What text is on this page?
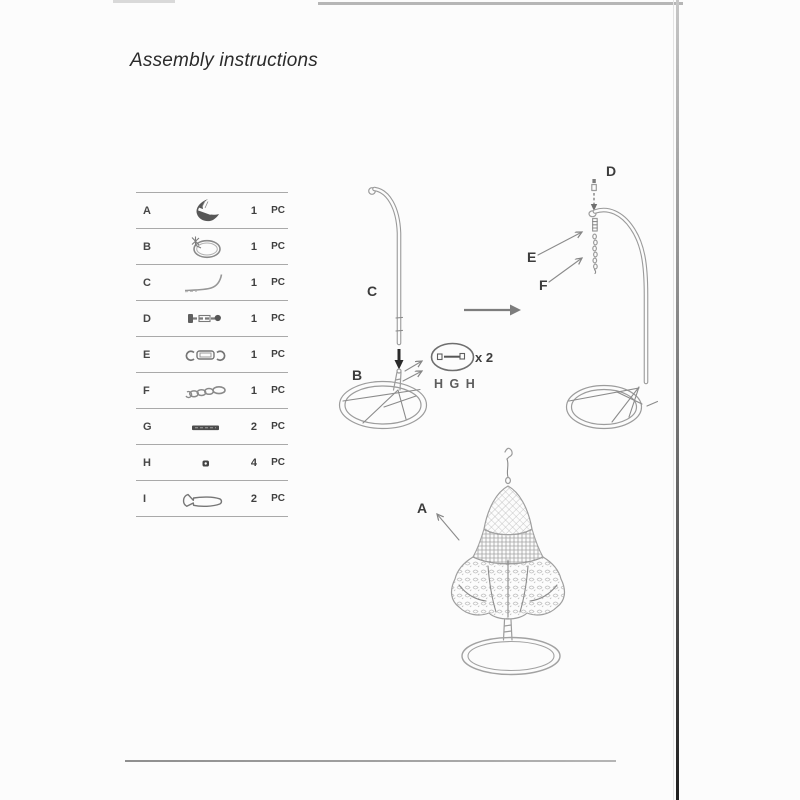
Assembly instructions
A	1	PC
B	1	PC
C	1	PC
D	1	PC
E	1	PC
F	1	PC
G	2	PC
H	4	PC
I	2	PC
C
B
x 2
H G H
D
E
F
A
